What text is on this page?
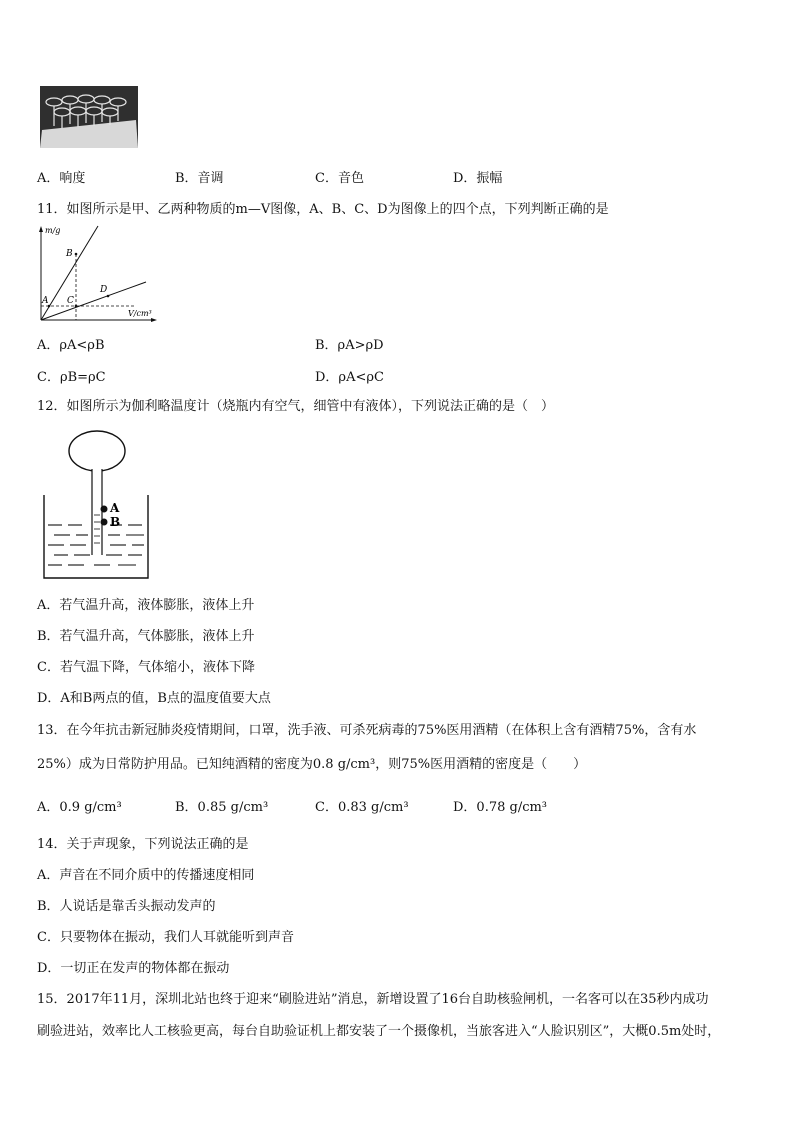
A．响度	B．音调	C．音色	D．振幅
11．如图所示是甲、乙两种物质的m—V图像，A、B、C、D为图像上的四个点，下列判断正确的是
m/g
V/cm³
A
B
C
D
A．ρA<ρB	B．ρA>ρD
C．ρB=ρC	D．ρA<ρC
12．如图所示为伽利略温度计（烧瓶内有空气，细管中有液体），下列说法正确的是（　）
A
B
A．若气温升高，液体膨胀，液体上升
B．若气温升高，气体膨胀，液体上升
C．若气温下降，气体缩小，液体下降
D．A和B两点的值，B点的温度值要大点
13．在今年抗击新冠肺炎疫情期间，口罩，洗手液、可杀死病毒的75%医用酒精（在体积上含有酒精75%，含有水
25%）成为日常防护用品。已知纯酒精的密度为0.8 g/cm³，则75%医用酒精的密度是（　　）
A．0.9 g/cm³	B．0.85 g/cm³	C．0.83 g/cm³	D．0.78 g/cm³
14．关于声现象，下列说法正确的是
A．声音在不同介质中的传播速度相同
B．人说话是靠舌头振动发声的
C．只要物体在振动，我们人耳就能听到声音
D．一切正在发声的物体都在振动
15．2017年11月，深圳北站也终于迎来“刷脸进站”消息，新增设置了16台自助核验闸机，一名客可以在35秒内成功
刷验进站，效率比人工核验更高，每台自助验证机上都安装了一个摄像机，当旅客进入“人脸识别区”，大概0.5m处时，
